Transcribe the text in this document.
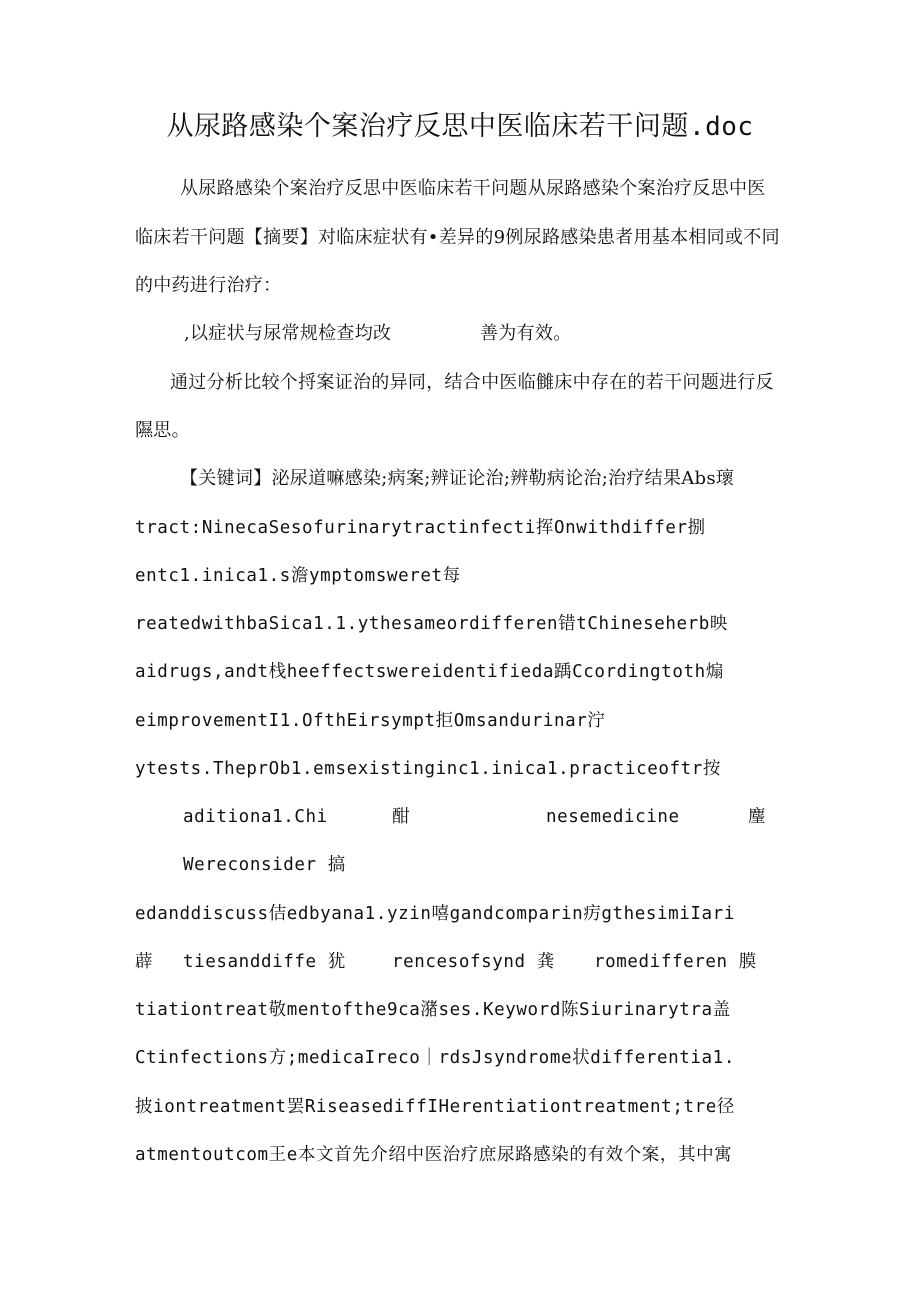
从尿路感染个案治疗反思中医临床若干问题.doc
从尿路感染个案治疗反思中医临床若干问题从尿路感染个案治疗反思中医
临床若干问题【摘要】对临床症状有•差异的9例尿路感染患者用基本相同或不同
的中药进行治疗：
,以症状与尿常规检查均改	善为有效。
通过分析比较个捋案证治的异同，结合中医临雠床中存在的若干问题进行反
隰思。
【关键词】泌尿道嘛感染;病案;辨证论治;辨勒病论治;治疗结果Abs瓌
tract:NinecaSesofurinarytractinfecti挥Onwithdiffer捌
entc1.inica1.s澹ymptomsweret每
reatedwithbaSica1.1.ythesameordifferen错tChineseherb映
aidrugs,andt栈heeffectswereidentifieda踽Ccordingtoth煽
eimprovementI1.OfthEirsympt拒Omsandurinar泞
ytests.TheprOb1.emsexistinginc1.inica1.practiceoftr按
aditiona1.Chi	酣	nesemedicine	麈
Wereconsider 搞
edanddiscuss佶edbyana1.yzin嘻gandcomparin疠gthesimiIari
薜 tiesanddiffe 犹	rencesofsynd 龚 romedifferen 膜
tiationtreat敬mentofthe9ca潴ses.Keyword陈Siurinarytra盖
Ctinfections方;medicaIreco｜rdsJsyndrome状differentia1.
披iontreatment罢RiseasediffIHerentiationtreatment;tre径
atmentoutcom王e本文首先介绍中医治疗庶尿路感染的有效个案，其中寓
